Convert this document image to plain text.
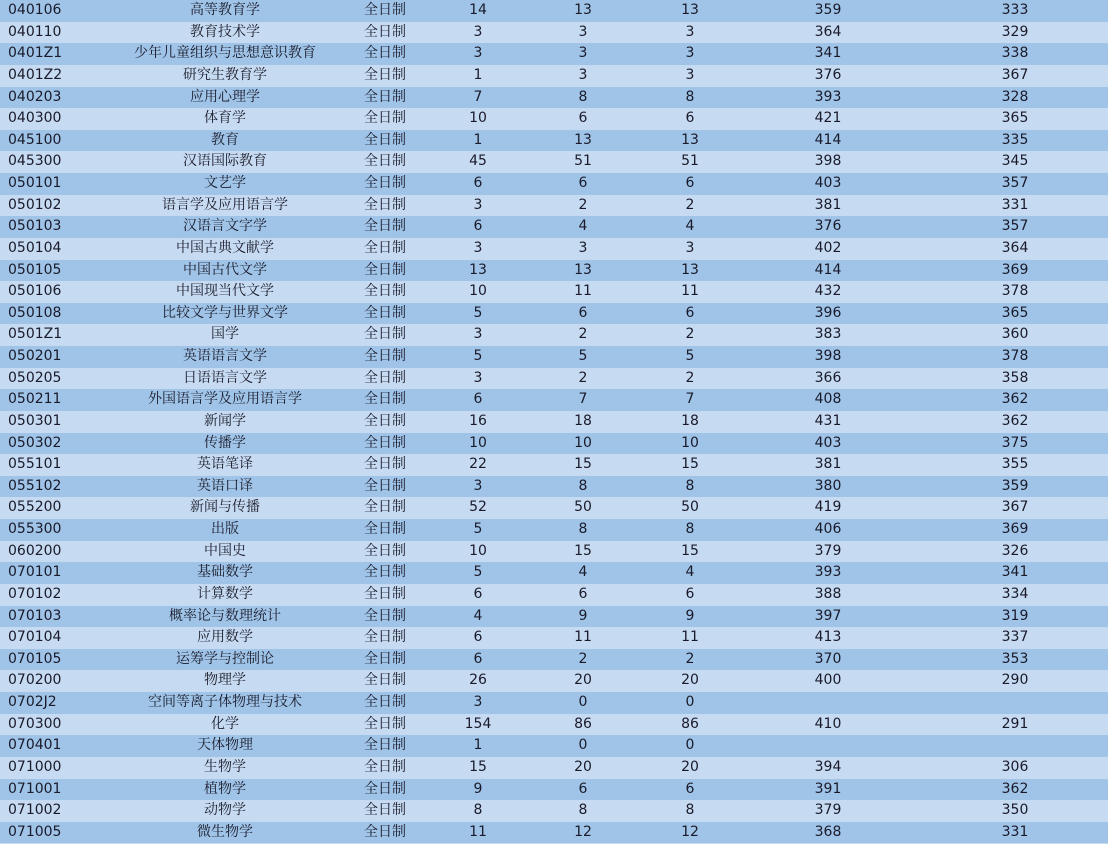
040106	高等教育学	全日制	14	13	13	359	333
040110	教育技术学	全日制	3	3	3	364	329
0401Z1	少年儿童组织与思想意识教育	全日制	3	3	3	341	338
0401Z2	研究生教育学	全日制	1	3	3	376	367
040203	应用心理学	全日制	7	8	8	393	328
040300	体育学	全日制	10	6	6	421	365
045100	教育	全日制	1	13	13	414	335
045300	汉语国际教育	全日制	45	51	51	398	345
050101	文艺学	全日制	6	6	6	403	357
050102	语言学及应用语言学	全日制	3	2	2	381	331
050103	汉语言文字学	全日制	6	4	4	376	357
050104	中国古典文献学	全日制	3	3	3	402	364
050105	中国古代文学	全日制	13	13	13	414	369
050106	中国现当代文学	全日制	10	11	11	432	378
050108	比较文学与世界文学	全日制	5	6	6	396	365
0501Z1	国学	全日制	3	2	2	383	360
050201	英语语言文学	全日制	5	5	5	398	378
050205	日语语言文学	全日制	3	2	2	366	358
050211	外国语言学及应用语言学	全日制	6	7	7	408	362
050301	新闻学	全日制	16	18	18	431	362
050302	传播学	全日制	10	10	10	403	375
055101	英语笔译	全日制	22	15	15	381	355
055102	英语口译	全日制	3	8	8	380	359
055200	新闻与传播	全日制	52	50	50	419	367
055300	出版	全日制	5	8	8	406	369
060200	中国史	全日制	10	15	15	379	326
070101	基础数学	全日制	5	4	4	393	341
070102	计算数学	全日制	6	6	6	388	334
070103	概率论与数理统计	全日制	4	9	9	397	319
070104	应用数学	全日制	6	11	11	413	337
070105	运筹学与控制论	全日制	6	2	2	370	353
070200	物理学	全日制	26	20	20	400	290
0702J2	空间等离子体物理与技术	全日制	3	0	0
070300	化学	全日制	154	86	86	410	291
070401	天体物理	全日制	1	0	0
071000	生物学	全日制	15	20	20	394	306
071001	植物学	全日制	9	6	6	391	362
071002	动物学	全日制	8	8	8	379	350
071005	微生物学	全日制	11	12	12	368	331
